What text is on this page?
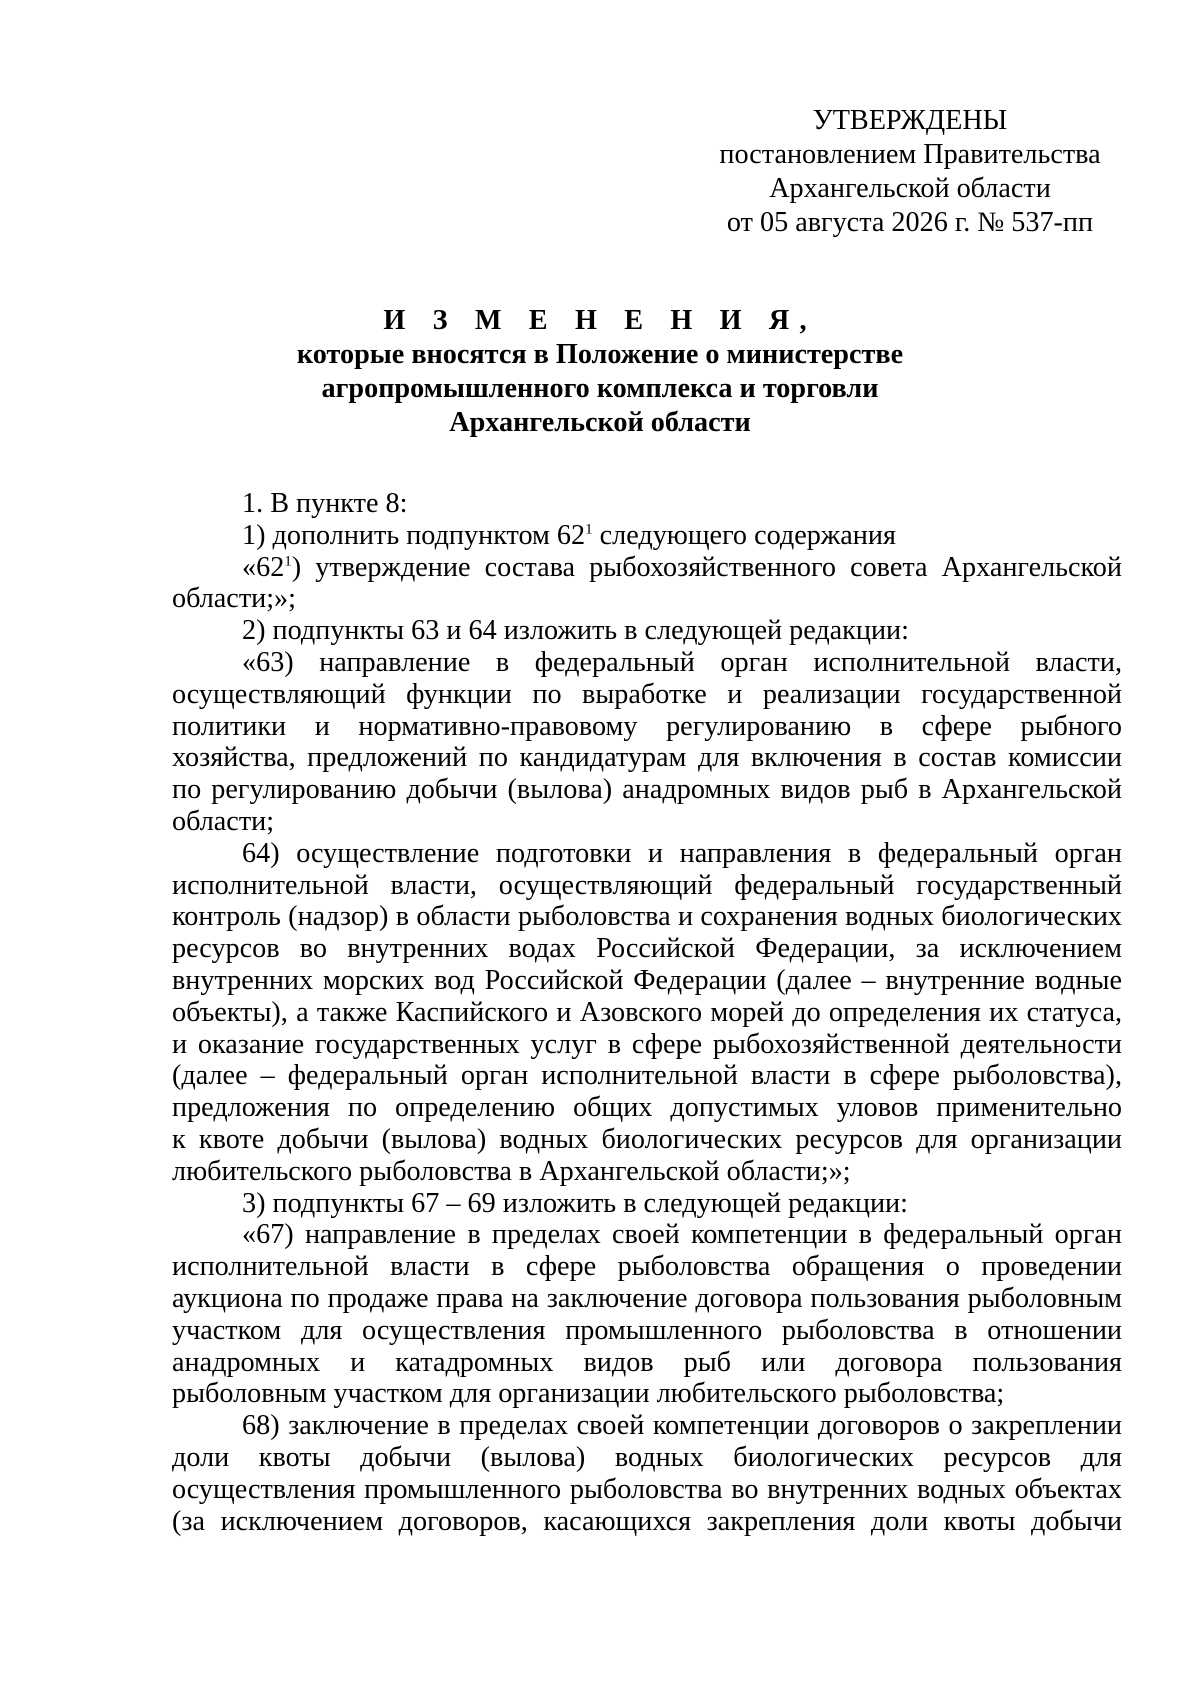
УТВЕРЖДЕНЫ
постановлением Правительства
Архангельской области
от 05 августа 2026 г. № 537-пп
И З М Е Н Е Н И Я,
которые вносятся в Положение о министерстве
агропромышленного комплекса и торговли
Архангельской области
1. В пункте 8:
1) дополнить подпунктом $62^1$ следующего содержания
«$62^1$) утверждение состава рыбохозяйственного совета Архангельской
области;»;
2) подпункты 63 и 64 изложить в следующей редакции:
«63) направление в федеральный орган исполнительной власти,
осуществляющий функции по выработке и реализации государственной
политики и нормативно-правовому регулированию в сфере рыбного
хозяйства, предложений по кандидатурам для включения в состав комиссии
по регулированию добычи (вылова) анадромных видов рыб в Архангельской
области;
64) осуществление подготовки и направления в федеральный орган
исполнительной власти, осуществляющий федеральный государственный
контроль (надзор) в области рыболовства и сохранения водных биологических
ресурсов во внутренних водах Российской Федерации, за исключением
внутренних морских вод Российской Федерации (далее – внутренние водные
объекты), а также Каспийского и Азовского морей до определения их статуса,
и оказание государственных услуг в сфере рыбохозяйственной деятельности
(далее – федеральный орган исполнительной власти в сфере рыболовства),
предложения по определению общих допустимых уловов применительно
к квоте добычи (вылова) водных биологических ресурсов для организации
любительского рыболовства в Архангельской области;»;
3) подпункты 67 – 69 изложить в следующей редакции:
«67) направление в пределах своей компетенции в федеральный орган
исполнительной власти в сфере рыболовства обращения о проведении
аукциона по продаже права на заключение договора пользования рыболовным
участком для осуществления промышленного рыболовства в отношении
анадромных и катадромных видов рыб или договора пользования
рыболовным участком для организации любительского рыболовства;
68) заключение в пределах своей компетенции договоров о закреплении
доли квоты добычи (вылова) водных биологических ресурсов для
осуществления промышленного рыболовства во внутренних водных объектах
(за исключением договоров, касающихся закрепления доли квоты добычи
